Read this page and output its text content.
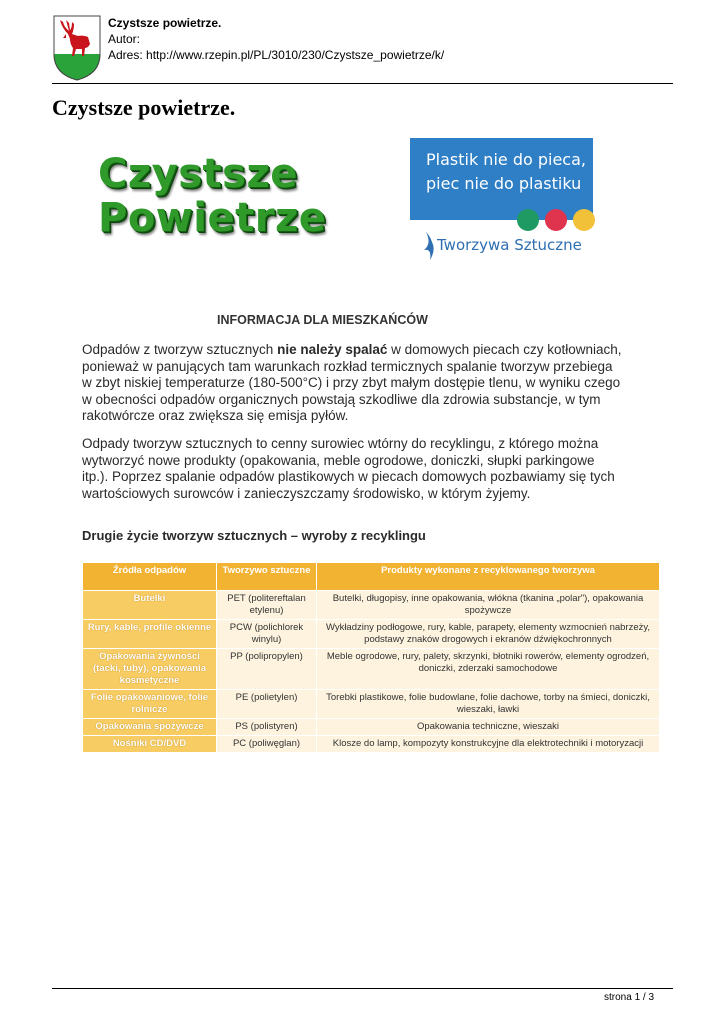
Czystsze powietrze.
Autor:
Adres: http://www.rzepin.pl/PL/3010/230/Czystsze_powietrze/k/
Czystsze powietrze.
Czystsze
Powietrze
Plastik nie do pieca,
piec nie do plastiku
Tworzywa Sztuczne
INFORMACJA DLA MIESZKAŃCÓW

Odpadów z tworzyw sztucznych nie należy spalać w domowych piecach czy kotłowniach, ponieważ w panujących tam warunkach rozkład termicznych spalanie tworzyw przebiega w zbyt niskiej temperaturze (180-500°C) i przy zbyt małym dostępie tlenu, w wyniku czego w obecności odpadów organicznych powstają szkodliwe dla zdrowia substancje, w tym rakotwórcze oraz zwiększa się emisja pyłów.

Odpady tworzyw sztucznych to cenny surowiec wtórny do recyklingu, z którego można wytworzyć nowe produkty (opakowania, meble ogrodowe, doniczki, słupki parkingowe itp.). Poprzez spalanie odpadów plastikowych w piecach domowych pozbawiamy się tych wartościowych surowców i zanieczyszczamy środowisko, w którym żyjemy.

Drugie życie tworzyw sztucznych – wyroby z recyklingu
Źródła odpadów	Tworzywo sztuczne	Produkty wykonane z recyklowanego tworzywa
Butelki	PET (politereftalan etylenu)	Butelki, długopisy, inne opakowania, włókna (tkanina „polar"), opakowania spożywcze
Rury, kable, profile okienne	PCW (polichlorek winylu)	Wykładziny podłogowe, rury, kable, parapety, elementy wzmocnień nabrzeży, podstawy znaków drogowych i ekranów dźwiękochronnych
Opakowania żywności (tacki, tuby), opakowania kosmetyczne	PP (polipropylen)	Meble ogrodowe, rury, palety, skrzynki, błotniki rowerów, elementy ogrodzeń, doniczki, zderzaki samochodowe
Folie opakowaniowe, folie rolnicze	PE (polietylen)	Torebki plastikowe, folie budowlane, folie dachowe, torby na śmieci, doniczki, wieszaki, ławki
Opakowania spożywcze	PS (polistyren)	Opakowania techniczne, wieszaki
Nośniki CD/DVD	PC (poliwęglan)	Klosze do lamp, kompozyty konstrukcyjne dla elektrotechniki i motoryzacji
strona 1 / 3
